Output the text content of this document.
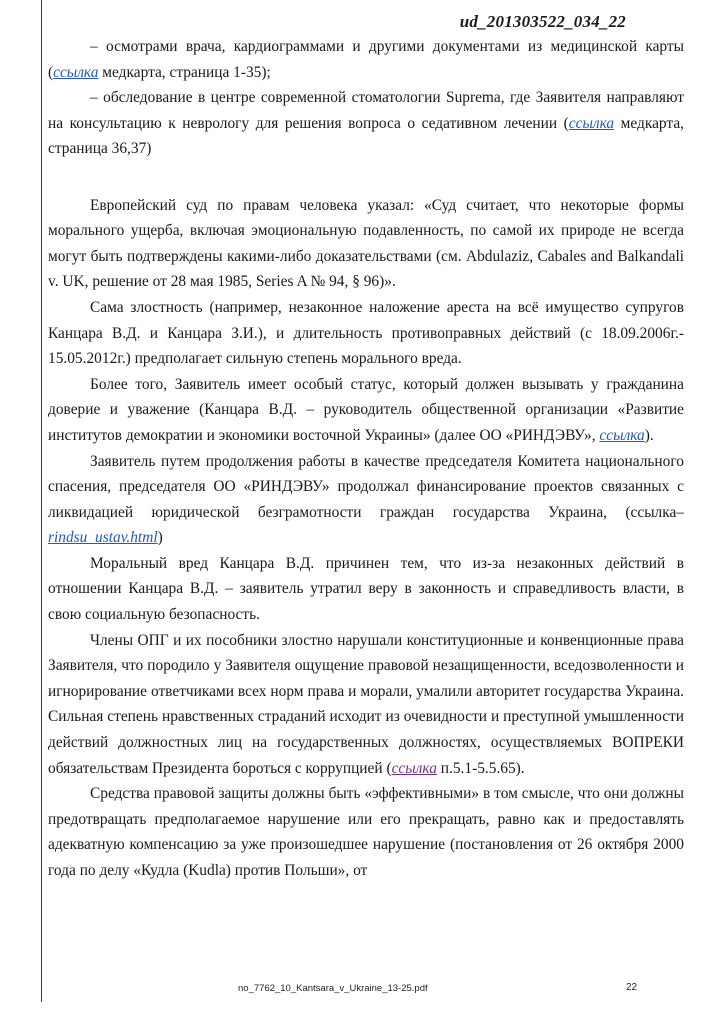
ud_201303522_034_22

– осмотрами врача, кардиограммами и другими документами из медицинской карты (ссылка медкарта, страница 1-35);

– обследование в центре современной стоматологии Suprema, где Заявителя направляют на консультацию к неврологу для решения вопроса о седативном лечении (ссылка медкарта, страница 36,37)

Европейский суд по правам человека указал: «Суд считает, что некоторые формы морального ущерба, включая эмоциональную подавленность, по самой их природе не всегда могут быть подтверждены какими-либо доказательствами (см. Abdulaziz, Cabales and Balkandali v. UK, решение от 28 мая 1985, Series A № 94, § 96)».

Сама злостность (например, незаконное наложение ареста на всё имущество супругов Канцара В.Д. и Канцара З.И.), и длительность противоправных действий (с 18.09.2006г.- 15.05.2012г.) предполагает сильную степень морального вреда.

Более того, Заявитель имеет особый статус, который должен вызывать у гражданина доверие и уважение (Канцара В.Д. – руководитель общественной организации «Развитие институтов демократии и экономики восточной Украины» (далее ОО «РИНДЭВУ», ссылка).

Заявитель путем продолжения работы в качестве председателя Комитета национального спасения, председателя ОО «РИНДЭВУ» продолжал финансирование проектов связанных с ликвидацией юридической безграмотности граждан государства Украина, (ссылка– rindsu_ustav.html)

Моральный вред Канцара В.Д. причинен тем, что из-за незаконных действий в отношении Канцара В.Д. – заявитель утратил веру в законность и справедливость власти, в свою социальную безопасность.

Члены ОПГ и их пособники злостно нарушали конституционные и конвенционные права Заявителя, что породило у Заявителя ощущение правовой незащищенности, вседозволенности и игнорирование ответчиками всех норм права и морали, умалили авторитет государства Украина. Сильная степень нравственных страданий исходит из очевидности и преступной умышленности действий должностных лиц на государственных должностях, осуществляемых ВОПРЕКИ обязательствам Президента бороться с коррупцией (ссылка п.5.1-5.5.65).

Средства правовой защиты должны быть «эффективными» в том смысле, что они должны предотвращать предполагаемое нарушение или его прекращать, равно как и предоставлять адекватную компенсацию за уже произошедшее нарушение (постановления от 26 октября 2000 года по делу «Кудла (Kudla) против Польши», от

no_7762_10_Kantsara_v_Ukraine_13-25.pdf	22
